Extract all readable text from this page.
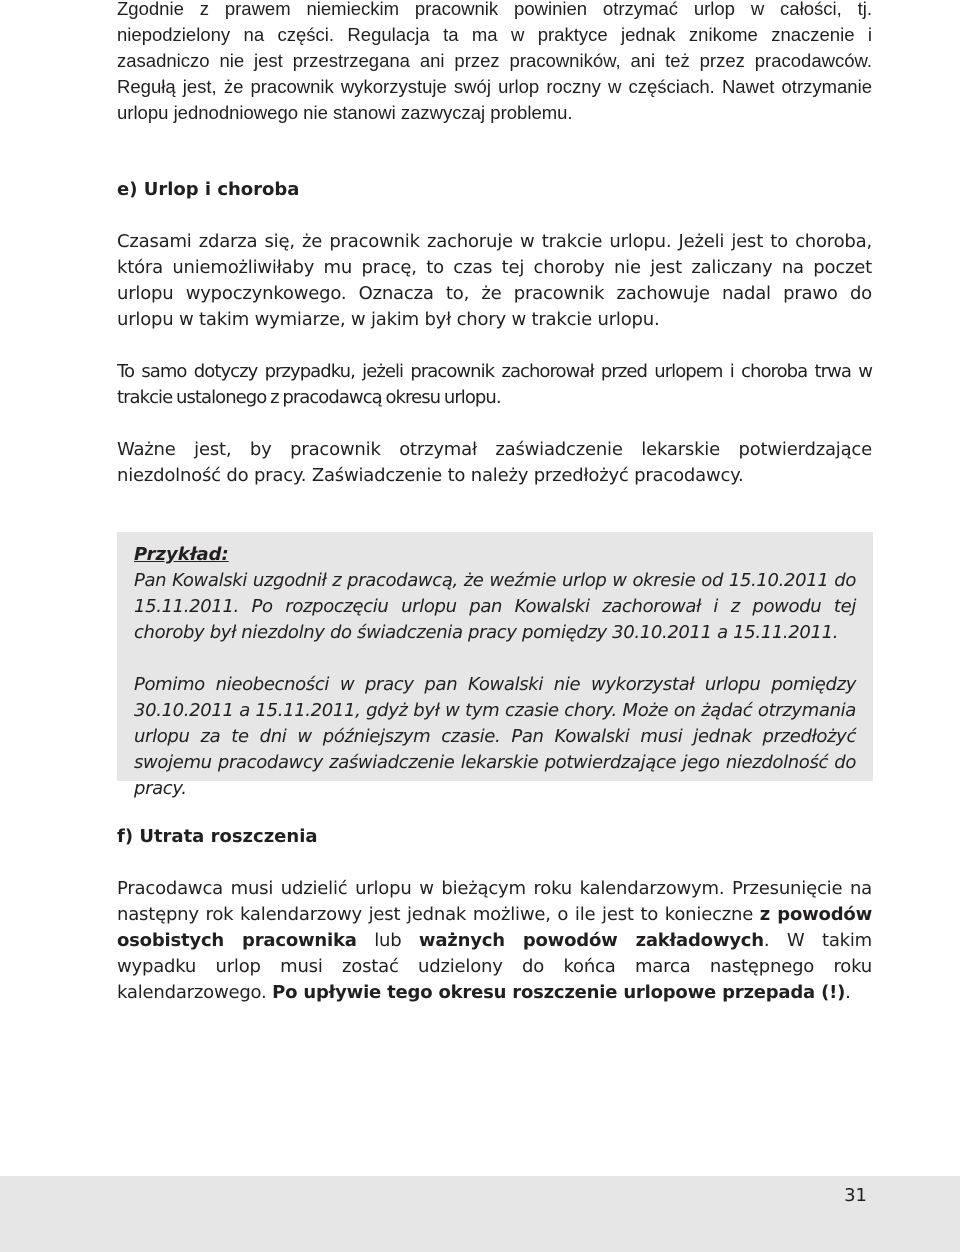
Zgodnie z prawem niemieckim pracownik powinien otrzymać urlop w całości, tj. niepodzielony na części. Regulacja ta ma w praktyce jednak znikome znaczenie i zasadniczo nie jest przestrzegana ani przez pracowników, ani też przez pracodawców. Regułą jest, że pracownik wykorzystuje swój urlop roczny w częściach. Nawet otrzymanie urlopu jednodniowego nie stanowi zazwyczaj problemu.

e) Urlop i choroba

Czasami zdarza się, że pracownik zachoruje w trakcie urlopu. Jeżeli jest to choroba, która uniemożliwiłaby mu pracę, to czas tej choroby nie jest zaliczany na poczet urlopu wypoczynkowego. Oznacza to, że pracownik zachowuje nadal prawo do urlopu w takim wymiarze, w jakim był chory w trakcie urlopu.

To samo dotyczy przypadku, jeżeli pracownik zachorował przed urlopem i choroba trwa w trakcie ustalonego z pracodawcą okresu urlopu.

Ważne jest, by pracownik otrzymał zaświadczenie lekarskie potwierdzające niezdolność do pracy. Zaświadczenie to należy przedłożyć pracodawcy.

Przykład:

Pan Kowalski uzgodnił z pracodawcą, że weźmie urlop w okresie od 15.10.2011 do 15.11.2011. Po rozpoczęciu urlopu pan Kowalski zachorował i z powodu tej choroby był niezdolny do świadczenia pracy pomiędzy 30.10.2011 a 15.11.2011.

Pomimo nieobecności w pracy pan Kowalski nie wykorzystał urlopu pomiędzy 30.10.2011 a 15.11.2011, gdyż był w tym czasie chory. Może on żądać otrzymania urlopu za te dni w późniejszym czasie. Pan Kowalski musi jednak przedłożyć swojemu pracodawcy zaświadczenie lekarskie potwierdzające jego niezdolność do pracy.

f) Utrata roszczenia

Pracodawca musi udzielić urlopu w bieżącym roku kalendarzowym. Przesunięcie na następny rok kalendarzowy jest jednak możliwe, o ile jest to konieczne z powodów osobistych pracownika lub ważnych powodów zakładowych. W takim wypadku urlop musi zostać udzielony do końca marca następnego roku kalendarzowego. Po upływie tego okresu roszczenie urlopowe przepada (!).

31
